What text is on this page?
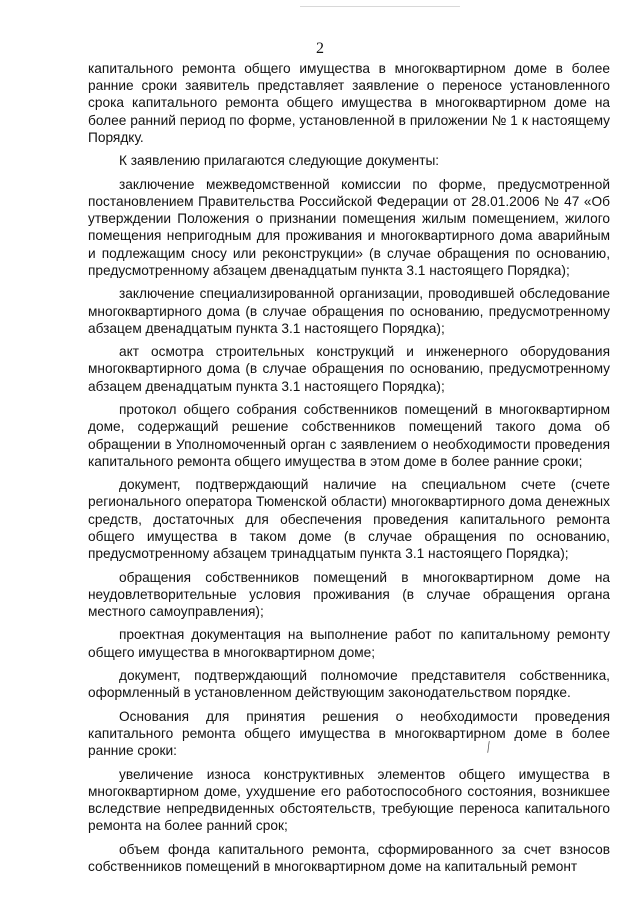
2

капитального ремонта общего имущества в многоквартирном доме в более ранние сроки заявитель представляет заявление о переносе установленного срока капитального ремонта общего имущества в многоквартирном доме на более ранний период по форме, установленной в приложении № 1 к настоящему Порядку.

К заявлению прилагаются следующие документы:

заключение межведомственной комиссии по форме, предусмотренной постановлением Правительства Российской Федерации от 28.01.2006 № 47 «Об утверждении Положения о признании помещения жилым помещением, жилого помещения непригодным для проживания и многоквартирного дома аварийным и подлежащим сносу или реконструкции» (в случае обращения по основанию, предусмотренному абзацем двенадцатым пункта 3.1 настоящего Порядка);

заключение специализированной организации, проводившей обследование многоквартирного дома (в случае обращения по основанию, предусмотренному абзацем двенадцатым пункта 3.1 настоящего Порядка);

акт осмотра строительных конструкций и инженерного оборудования многоквартирного дома (в случае обращения по основанию, предусмотренному абзацем двенадцатым пункта 3.1 настоящего Порядка);

протокол общего собрания собственников помещений в многоквартирном доме, содержащий решение собственников помещений такого дома об обращении в Уполномоченный орган с заявлением о необходимости проведения капитального ремонта общего имущества в этом доме в более ранние сроки;

документ, подтверждающий наличие на специальном счете (счете регионального оператора Тюменской области) многоквартирного дома денежных средств, достаточных для обеспечения проведения капитального ремонта общего имущества в таком доме (в случае обращения по основанию, предусмотренному абзацем тринадцатым пункта 3.1 настоящего Порядка);

обращения собственников помещений в многоквартирном доме на неудовлетворительные условия проживания (в случае обращения органа местного самоуправления);

проектная документация на выполнение работ по капитальному ремонту общего имущества в многоквартирном доме;

документ, подтверждающий полномочие представителя собственника, оформленный в установленном действующим законодательством порядке.

Основания для принятия решения о необходимости проведения капитального ремонта общего имущества в многоквартирном доме в более ранние сроки:

увеличение износа конструктивных элементов общего имущества в многоквартирном доме, ухудшение его работоспособного состояния, возникшее вследствие непредвиденных обстоятельств, требующие переноса капитального ремонта на более ранний срок;

объем фонда капитального ремонта, сформированного за счет взносов собственников помещений в многоквартирном доме на капитальный ремонт

╱
